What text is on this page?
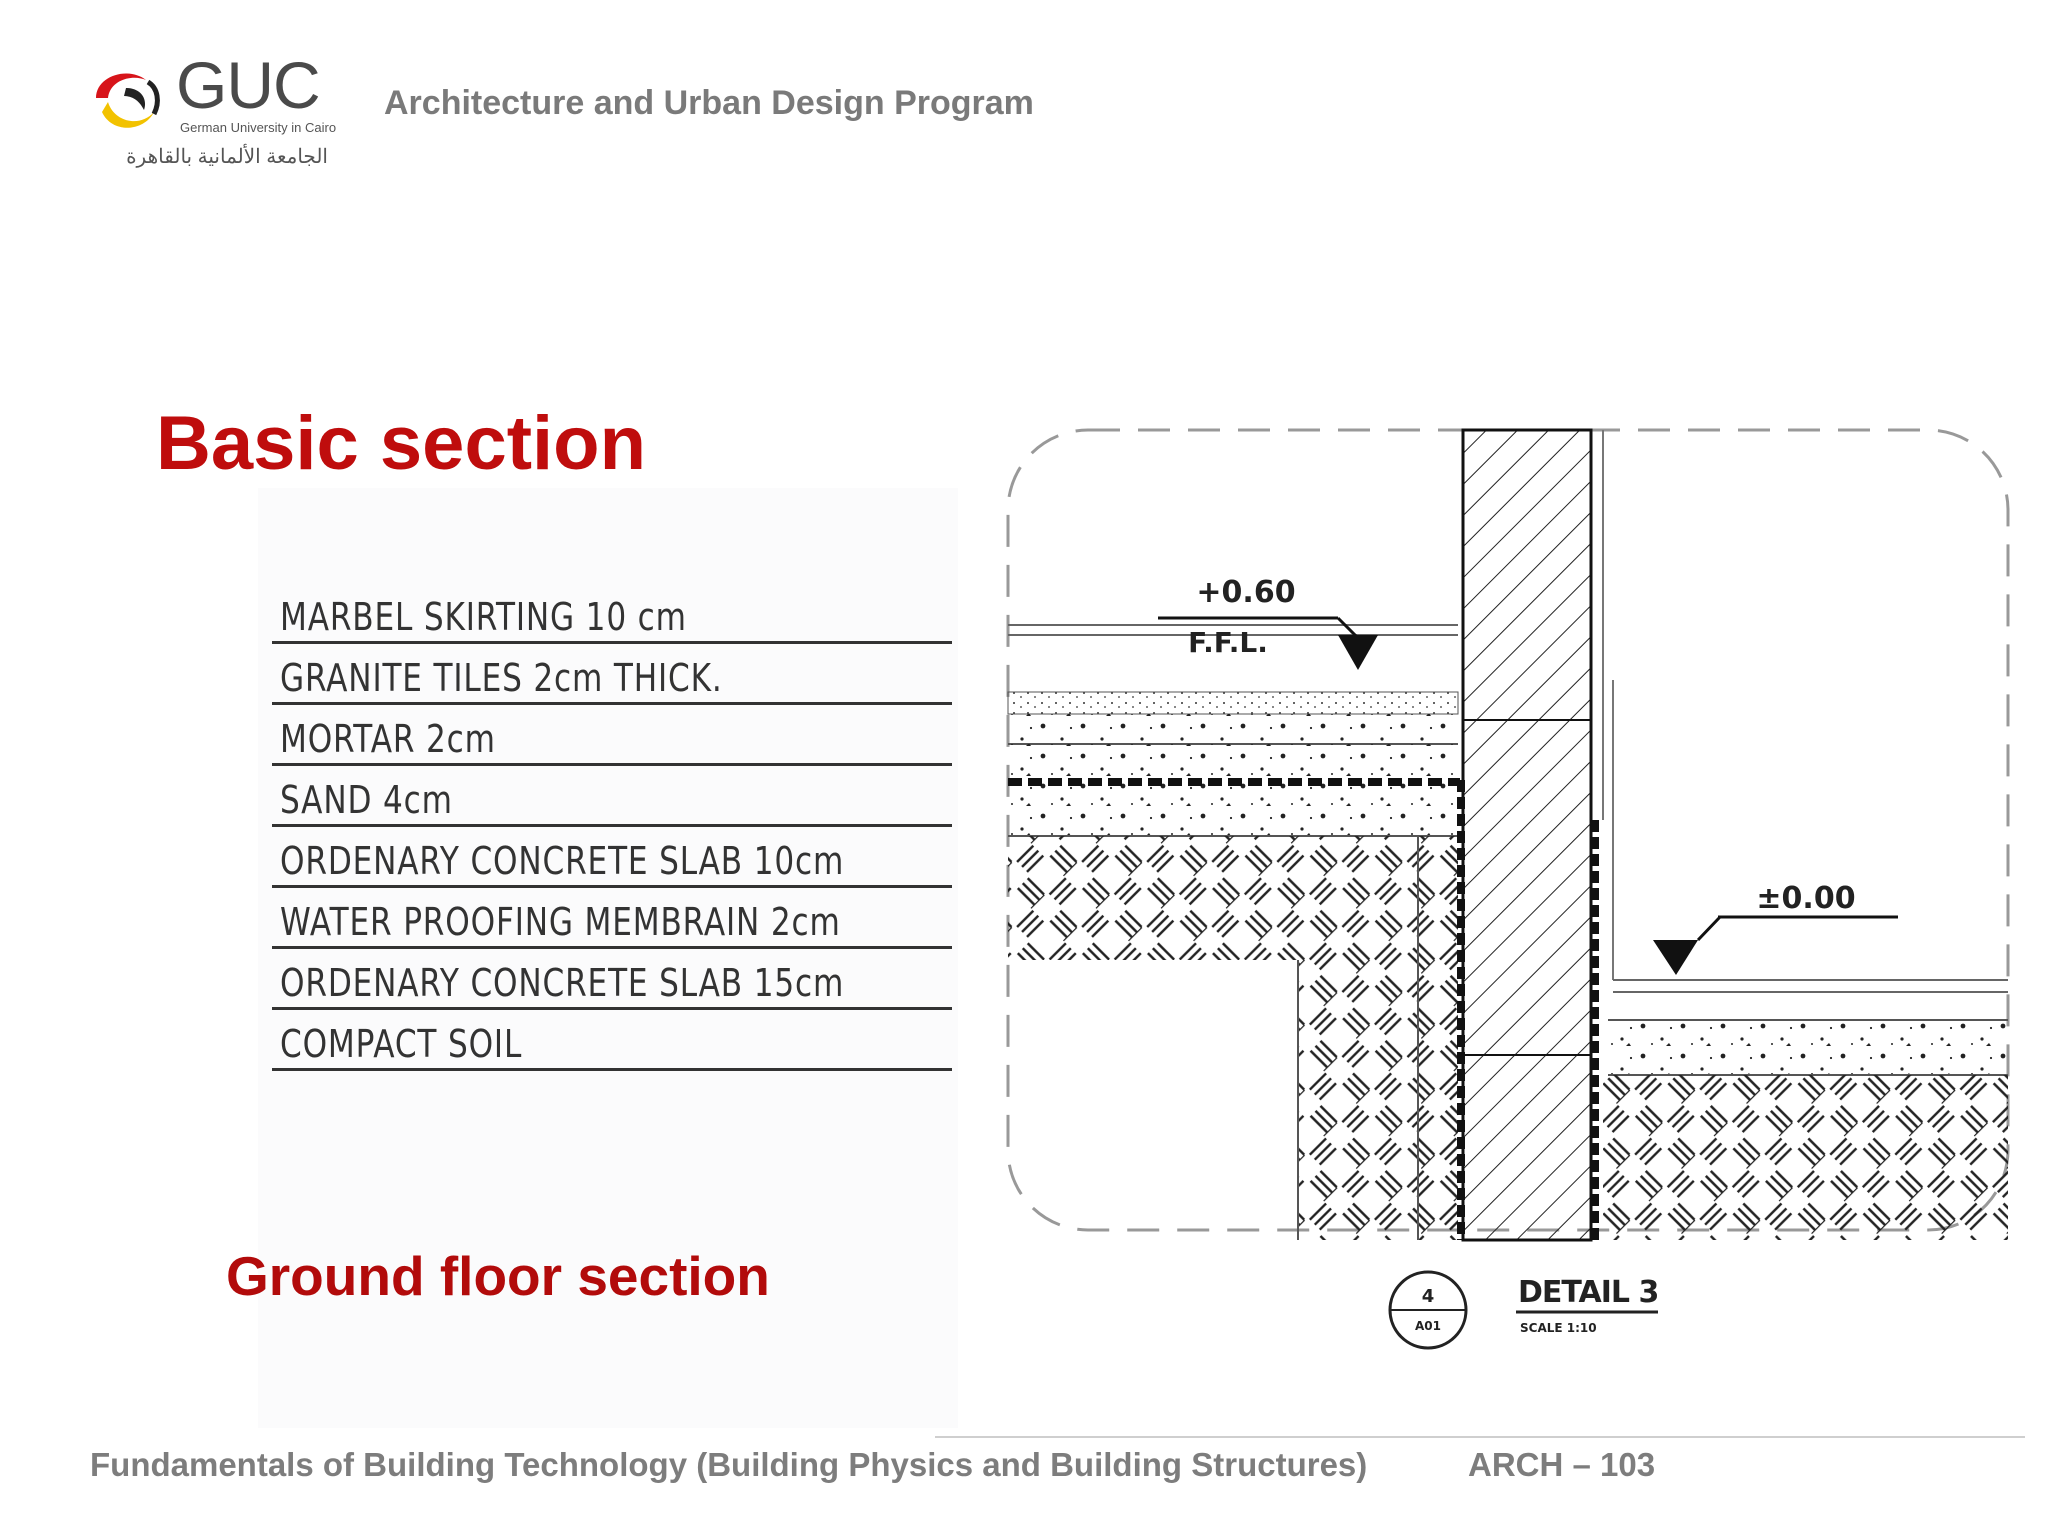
GUC
German University in Cairo
الجامعة الألمانية بالقاهرة
Architecture and Urban Design Program
Basic section
MARBEL SKIRTING 10 cm
GRANITE TILES 2cm THICK.
MORTAR 2cm
SAND 4cm
ORDENARY CONCRETE SLAB 10cm
WATER PROOFING MEMBRAIN 2cm
ORDENARY CONCRETE SLAB 15cm
COMPACT SOIL
+0.60
F.F.L.
±0.00
4
A01
DETAIL 3
SCALE 1:10
Ground floor section
Fundamentals of Building Technology (Building Physics and Building Structures)	ARCH – 103
